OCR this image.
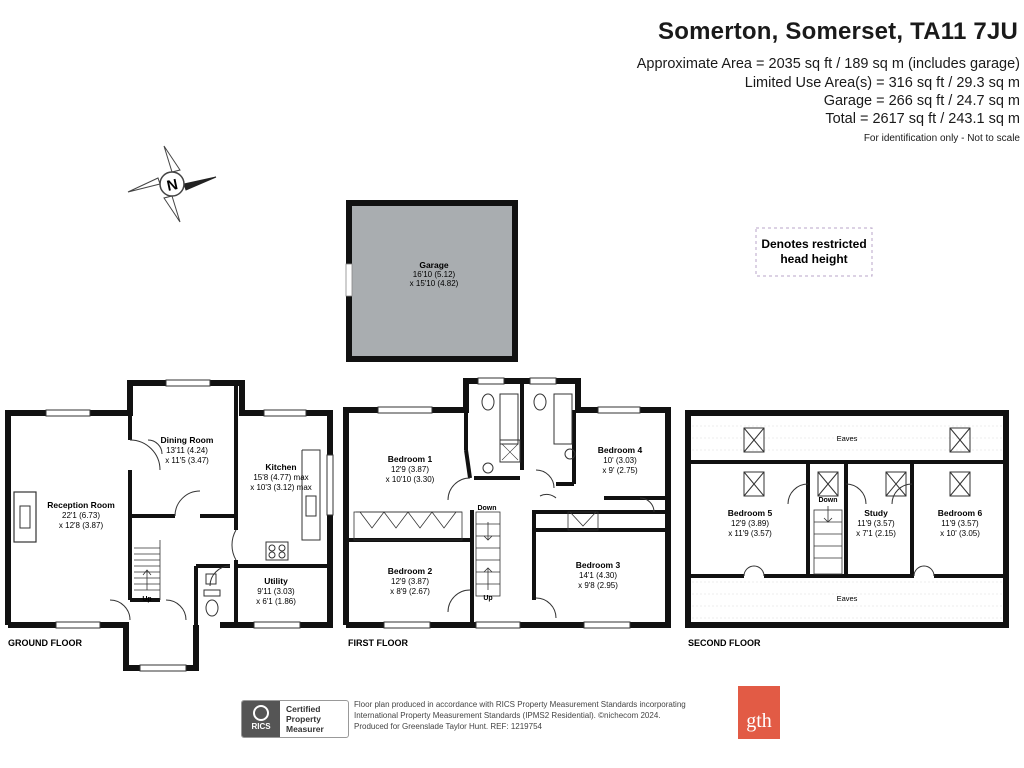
Somerton, Somerset, TA11 7JU
Approximate Area = 2035 sq ft / 189 sq m (includes garage)
Limited Use Area(s) = 316 sq ft / 29.3 sq m
Garage = 266 sq ft / 24.7 sq m
Total = 2617 sq ft / 243.1 sq m
For identification only - Not to scale
N
Denotes restricted
head height
Garage
16'10 (5.12)
x 15'10 (4.82)
Reception Room
22'1 (6.73)
x 12'8 (3.87)
Dining Room
13'11 (4.24)
x 11'5 (3.47)
Kitchen
15'8 (4.77) max
x 10'3 (3.12) max
Utility
9'11 (3.03)
x 6'1 (1.86)
Up
GROUND FLOOR
Bedroom 1
12'9 (3.87)
x 10'10 (3.30)
Bedroom 2
12'9 (3.87)
x 8'9 (2.67)
Bedroom 3
14'1 (4.30)
x 9'8 (2.95)
Bedroom 4
10' (3.03)
x 9' (2.75)
Down
Up
FIRST FLOOR
Eaves
Eaves
Bedroom 5
12'9 (3.89)
x 11'9 (3.57)
Study
11'9 (3.57)
x 7'1 (2.15)
Bedroom 6
11'9 (3.57)
x 10' (3.05)
Down
SECOND FLOOR
RICS
Certified
Property
Measurer
Floor plan produced in accordance with RICS Property Measurement Standards incorporating
International Property Measurement Standards (IPMS2 Residential). ©nichecom 2024.
Produced for Greenslade Taylor Hunt. REF: 1219754	gth
